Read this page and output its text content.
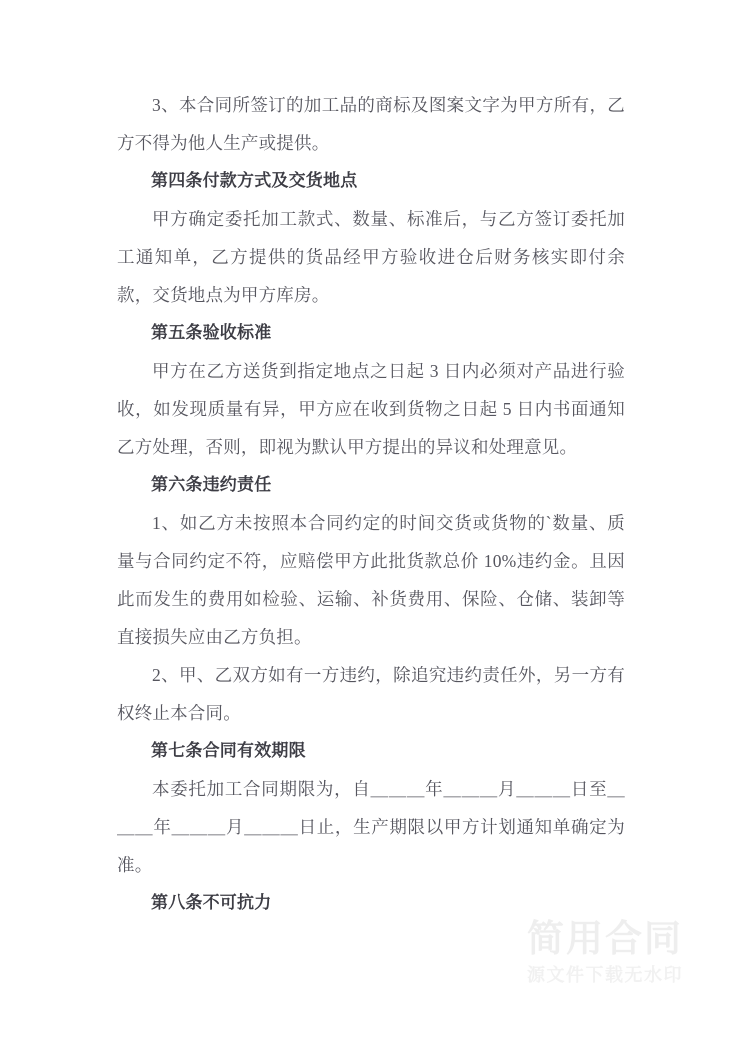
3、本合同所签订的加工品的商标及图案文字为甲方所有，乙方不得为他人生产或提供。

第四条付款方式及交货地点

甲方确定委托加工款式、数量、标准后，与乙方签订委托加工通知单，乙方提供的货品经甲方验收进仓后财务核实即付余款，交货地点为甲方库房。

第五条验收标准

甲方在乙方送货到指定地点之日起 3 日内必须对产品进行验收，如发现质量有异，甲方应在收到货物之日起 5 日内书面通知乙方处理，否则，即视为默认甲方提出的异议和处理意见。

第六条违约责任

1、如乙方未按照本合同约定的时间交货或货物的`数量、质量与合同约定不符，应赔偿甲方此批货款总价 10%违约金。且因此而发生的费用如检验、运输、补货费用、保险、仓储、装卸等直接损失应由乙方负担。

2、甲、乙双方如有一方违约，除追究违约责任外，另一方有权终止本合同。

第七条合同有效期限

本委托加工合同期限为，自＿＿＿年＿＿＿月＿＿＿日至＿＿＿年＿＿＿月＿＿＿日止，生产期限以甲方计划通知单确定为准。

第八条不可抗力

简用合同
源文件下载无水印
